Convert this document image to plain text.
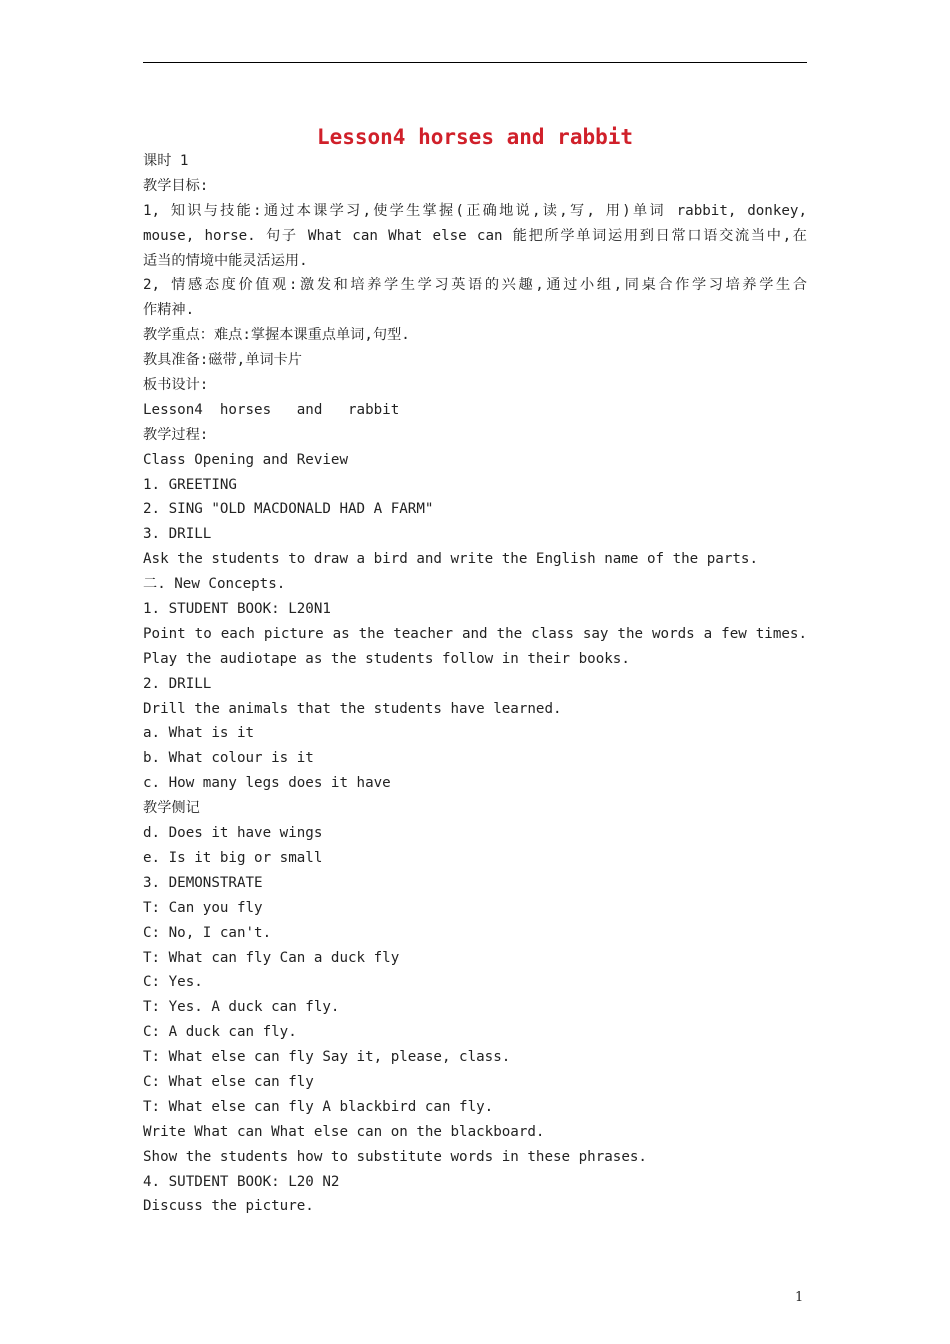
Lesson4 horses and rabbit
课时 1
教学目标:
1, 知识与技能:通过本课学习,使学生掌握(正确地说,读,写, 用)单词 rabbit, donkey,
mouse, horse. 句子 What can What else can 能把所学单词运用到日常口语交流当中,在
适当的情境中能灵活运用.
2, 情感态度价值观:激发和培养学生学习英语的兴趣,通过小组,同桌合作学习培养学生合
作精神.
教学重点：难点:掌握本课重点单词,句型.
教具准备:磁带,单词卡片
板书设计:
Lesson4  horses   and   rabbit
教学过程:
Class Opening and Review
1. GREETING
2. SING "OLD MACDONALD HAD A FARM"
3. DRILL
Ask the students to draw a bird and write the English name of the parts.
二. New Concepts.
1. STUDENT BOOK: L20N1
Point to each picture as the teacher and the class say the words a few times.
Play the audiotape as the students follow in their books.
2. DRILL
Drill the animals that the students have learned.
a. What is it
b. What colour is it
c. How many legs does it have
教学侧记
d. Does it have wings
e. Is it big or small
3. DEMONSTRATE
T: Can you fly
C: No, I can't.
T: What can fly Can a duck fly
C: Yes.
T: Yes. A duck can fly.
C: A duck can fly.
T: What else can fly Say it, please, class.
C: What else can fly
T: What else can fly A blackbird can fly.
Write What can What else can on the blackboard.
Show the students how to substitute words in these phrases.
4. SUTDENT BOOK: L20 N2
Discuss the picture.
1
